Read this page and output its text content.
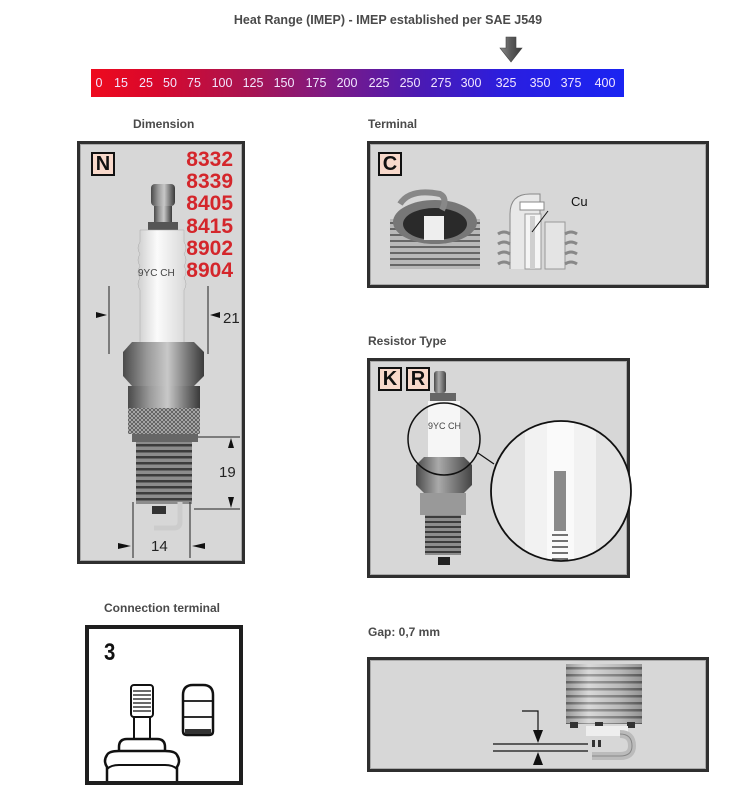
Heat Range (IMEP) - IMEP established per SAE J549
0 15 25 50 75 100 125 150 175 200 225 250 275 300 325 350 375 400
Dimension
N	8332
8339
8405
8415
8902
8904
9YC CH
21
19
14
Terminal
C
Cu
Resistor Type
K R
9YC CH
Connection terminal
3
Gap: 0,7 mm
